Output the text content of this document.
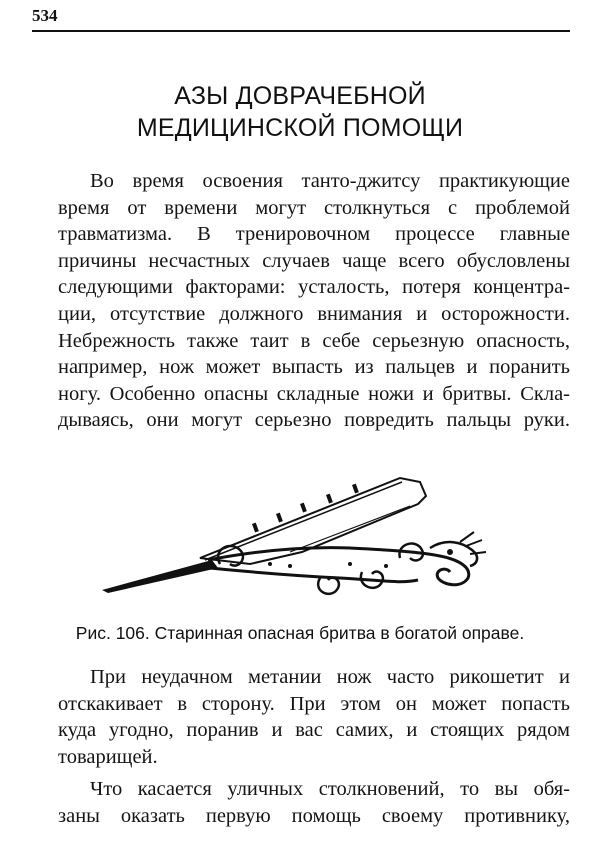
534
АЗЫ ДОВРАЧЕБНОЙ
МЕДИЦИНСКОЙ ПОМОЩИ
Во время освоения танто-джитсу практикующие
время от времени могут столкнуться с проблемой
травматизма. В тренировочном процессе главные
причины несчастных случаев чаще всего обусловлены
следующими факторами: усталость, потеря концентра-
ции, отсутствие должного внимания и осторожности.
Небрежность также таит в себе серьезную опасность,
например, нож может выпасть из пальцев и поранить
ногу. Особенно опасны складные ножи и бритвы. Скла-
дываясь, они могут серьезно повредить пальцы руки.
Рис. 106. Старинная опасная бритва в богатой оправе.
При неудачном метании нож часто рикошетит и
отскакивает в сторону. При этом он может попасть
куда угодно, поранив и вас самих, и стоящих рядом
товарищей.
Что касается уличных столкновений, то вы обя-
заны оказать первую помощь своему противнику,
